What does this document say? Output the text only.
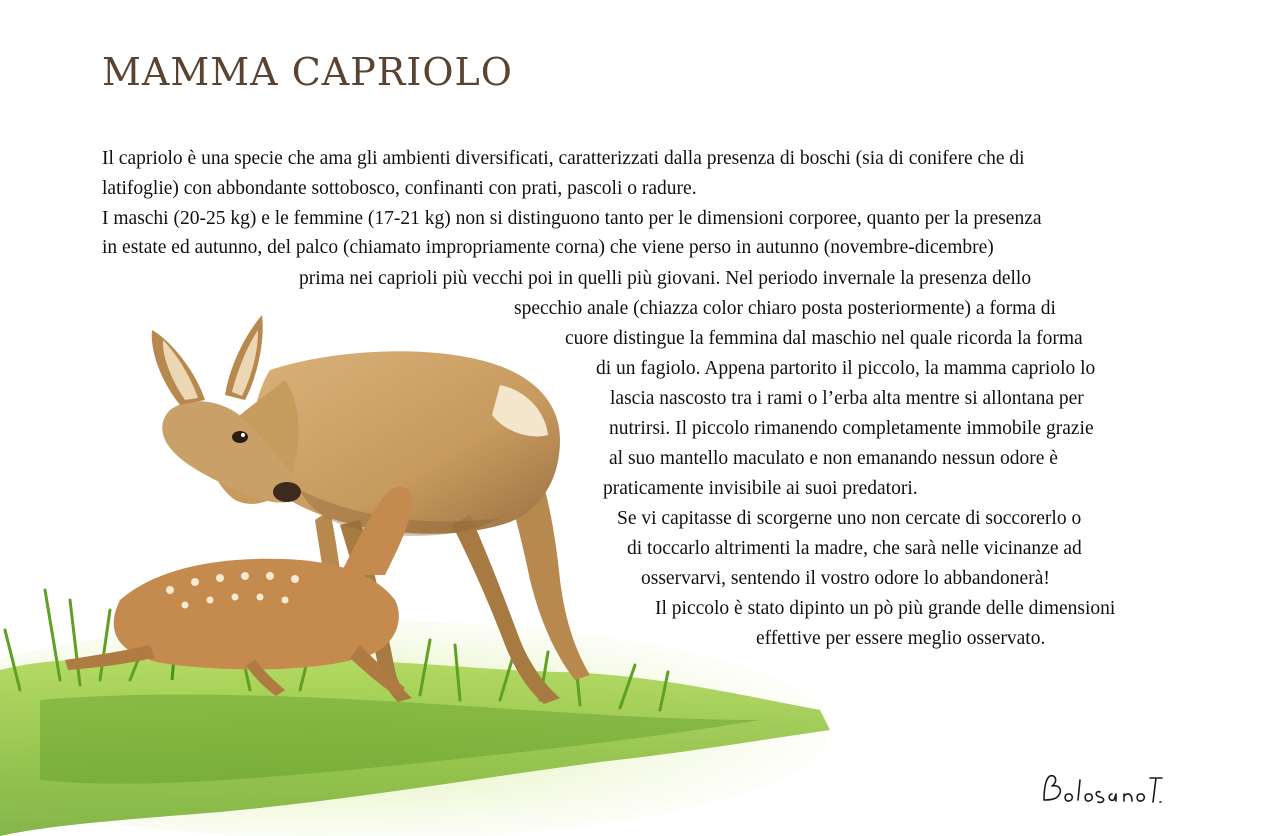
MAMMA CAPRIOLO
Il capriolo è una specie che ama gli ambienti diversificati, caratterizzati dalla presenza di boschi (sia di conifere che di
latifoglie) con abbondante sottobosco, confinanti con prati, pascoli o radure.
I maschi (20-25 kg) e le femmine (17-21 kg) non si distinguono tanto per le dimensioni corporee, quanto per la presenza
in estate ed autunno, del palco (chiamato impropriamente corna) che viene perso in autunno (novembre-dicembre)
prima nei caprioli più vecchi poi in quelli più giovani. Nel periodo invernale la presenza dello
specchio anale (chiazza color chiaro posta posteriormente) a forma di
cuore distingue la femmina dal maschio nel quale ricorda la forma
di un fagiolo. Appena partorito il piccolo, la mamma capriolo lo
lascia nascosto tra i rami o l’erba alta mentre si allontana per
nutrirsi. Il piccolo rimanendo completamente immobile grazie
al suo mantello maculato e non emanando nessun odore è
praticamente invisibile ai suoi predatori.
Se vi capitasse di scorgerne uno non cercate di soccorerlo o
di toccarlo altrimenti la madre, che sarà nelle vicinanze ad
osservarvi, sentendo il vostro odore lo abbandonerà!
Il piccolo è stato dipinto un pò più grande delle dimensioni
effettive per essere meglio osservato.
